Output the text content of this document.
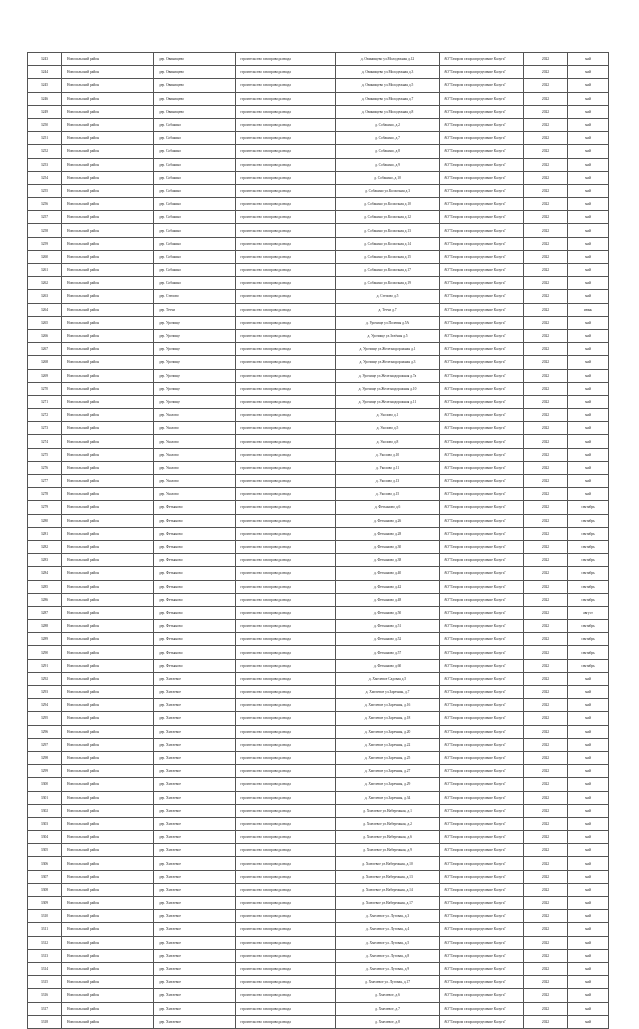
3243	Новосильский район	дер. Овинищево	строительство газопровода ввода	д. Овинищево ул.Молодежная д.12	АО"Газпром газораспределение Калуга"	2022	май
3244	Новосильский район	дер. Овинищево	строительство газопровода ввода	д. Овинищево ул.Молодежная д.3	АО"Газпром газораспределение Калуга"	2022	май
3245	Новосильский район	дер. Овинищево	строительство газопровода ввода	д. Овинищево ул.Молодежная д.5	АО"Газпром газораспределение Калуга"	2022	май
3246	Новосильский район	дер. Овинищево	строительство газопровода ввода	д. Овинищево ул.Молодежная д.7	АО"Газпром газораспределение Калуга"	2022	май
3249	Новосильский район	дер. Овинищево	строительство газопровода ввода	д. Овинищево ул.Молодежная д.8	АО"Газпром газораспределение Калуга"	2022	май
3250	Новосильский район	дер. Собакино	строительство газопровода ввода	д. Собакино, д.2	АО"Газпром газораспределение Калуга"	2022	май
3251	Новосильский район	дер. Собакино	строительство газопровода ввода	д. Собакино, д.7	АО"Газпром газораспределение Калуга"	2022	май
3252	Новосильский район	дер. Собакино	строительство газопровода ввода	д. Собакино, д.8	АО"Газпром газораспределение Калуга"	2022	май
3253	Новосильский район	дер. Собакино	строительство газопровода ввода	д. Собакино, д.9	АО"Газпром газораспределение Калуга"	2022	май
3254	Новосильский район	дер. Собакино	строительство газопровода ввода	д. Собакино, д.10	АО"Газпром газораспределение Калуга"	2022	май
3255	Новосильский район	дер. Собакино	строительство газопровода ввода	д. Собакино ул.Колхозная д.3	АО"Газпром газораспределение Калуга"	2022	май
3256	Новосильский район	дер. Собакино	строительство газопровода ввода	д. Собакино ул.Колхозная д.10	АО"Газпром газораспределение Калуга"	2022	май
3257	Новосильский район	дер. Собакино	строительство газопровода ввода	д. Собакино ул.Колхозная д.12	АО"Газпром газораспределение Калуга"	2022	май
3258	Новосильский район	дер. Собакино	строительство газопровода ввода	д. Собакино ул.Колхозная д.13	АО"Газпром газораспределение Калуга"	2022	май
3259	Новосильский район	дер. Собакино	строительство газопровода ввода	д. Собакино ул.Колхозная д.14	АО"Газпром газораспределение Калуга"	2022	май
3260	Новосильский район	дер. Собакино	строительство газопровода ввода	д. Собакино ул.Колхозная д.15	АО"Газпром газораспределение Калуга"	2022	май
3261	Новосильский район	дер. Собакино	строительство газопровода ввода	д. Собакино ул.Колхозная д.17	АО"Газпром газораспределение Калуга"	2022	май
3262	Новосильский район	дер. Собакино	строительство газопровода ввода	д. Собакино ул.Колхозная д.19	АО"Газпром газораспределение Калуга"	2022	май
3263	Новосильский район	дер. Степово	строительство газопровода ввода	д. Степово д.5	АО"Газпром газораспределение Калуга"	2022	май
3264	Новосильский район	дер. Тетчи	строительство газопровода ввода	д. Тетчи д.7	АО"Газпром газораспределение Калуга"	2022	июнь
3265	Новосильский район	дер. Урочище	строительство газопровода ввода	д. Урочище ул.Полевая д.5А	АО"Газпром газораспределение Калуга"	2022	май
3266	Новосильский район	дер. Урочище	строительство газопровода ввода	д. Урочище ул.Зелёная д.5	АО"Газпром газораспределение Калуга"	2022	май
3267	Новосильский район	дер. Урочище	строительство газопровода ввода	д. Урочище ул.Железнодорожная д.1	АО"Газпром газораспределение Калуга"	2022	май
3268	Новосильский район	дер. Урочище	строительство газопровода ввода	д. Урочище ул.Железнодорожная д.3	АО"Газпром газораспределение Калуга"	2022	май
3269	Новосильский район	дер. Урочище	строительство газопровода ввода	д. Урочище ул.Железнодорожная д.7а	АО"Газпром газораспределение Калуга"	2022	май
3270	Новосильский район	дер. Урочище	строительство газопровода ввода	д. Урочище ул.Железнодорожная д.10	АО"Газпром газораспределение Калуга"	2022	май
3271	Новосильский район	дер. Урочище	строительство газопровода ввода	д. Урочище ул.Железнодорожная д.11	АО"Газпром газораспределение Калуга"	2022	май
3272	Новосильский район	дер. Уколово	строительство газопровода ввода	д. Уколово д.1	АО"Газпром газораспределение Калуга"	2022	май
3273	Новосильский район	дер. Уколово	строительство газопровода ввода	д. Уколово д.5	АО"Газпром газораспределение Калуга"	2022	май
3274	Новосильский район	дер. Уколово	строительство газопровода ввода	д. Уколово д.8	АО"Газпром газораспределение Калуга"	2022	май
3275	Новосильский район	дер. Уколово	строительство газопровода ввода	д. Уколово д.10	АО"Газпром газораспределение Калуга"	2022	май
3276	Новосильский район	дер. Уколово	строительство газопровода ввода	д. Уколово д.11	АО"Газпром газораспределение Калуга"	2022	май
3277	Новосильский район	дер. Уколово	строительство газопровода ввода	д. Уколово д.13	АО"Газпром газораспределение Калуга"	2022	май
3278	Новосильский район	дер. Уколово	строительство газопровода ввода	д. Уколово д.15	АО"Газпром газораспределение Калуга"	2022	май
3279	Новосильский район	дер. Фетьяново	строительство газопровода ввода	д. Фетьяново д.6	АО"Газпром газораспределение Калуга"	2022	сентябрь
3280	Новосильский район	дер. Фетьяново	строительство газопровода ввода	д. Фетьяново д.26	АО"Газпром газораспределение Калуга"	2022	сентябрь
3281	Новосильский район	дер. Фетьяново	строительство газопровода ввода	д. Фетьяново д.28	АО"Газпром газораспределение Калуга"	2022	сентябрь
3282	Новосильский район	дер. Фетьяново	строительство газопровода ввода	д. Фетьяново д.30	АО"Газпром газораспределение Калуга"	2022	сентябрь
3283	Новосильский район	дер. Фетьяново	строительство газопровода ввода	д. Фетьяново д.38	АО"Газпром газораспределение Калуга"	2022	сентябрь
3284	Новосильский район	дер. Фетьяново	строительство газопровода ввода	д. Фетьяново д.40	АО"Газпром газораспределение Калуга"	2022	сентябрь
3285	Новосильский район	дер. Фетьяново	строительство газопровода ввода	д. Фетьяново д.42	АО"Газпром газораспределение Калуга"	2022	сентябрь
3286	Новосильский район	дер. Фетьяново	строительство газопровода ввода	д. Фетьяново д.48	АО"Газпром газораспределение Калуга"	2022	сентябрь
3287	Новосильский район	дер. Фетьяново	строительство газопровода ввода	д. Фетьяново д.50	АО"Газпром газораспределение Калуга"	2022	август
3288	Новосильский район	дер. Фетьяново	строительство газопровода ввода	д. Фетьяново д.51	АО"Газпром газораспределение Калуга"	2022	сентябрь
3289	Новосильский район	дер. Фетьяново	строительство газопровода ввода	д. Фетьяново д.52	АО"Газпром газораспределение Калуга"	2022	сентябрь
3290	Новосильский район	дер. Фетьяново	строительство газопровода ввода	д. Фетьяново д.57	АО"Газпром газораспределение Калуга"	2022	сентябрь
3291	Новосильский район	дер. Фетьяново	строительство газопровода ввода	д. Фетьяново д.60	АО"Газпром газораспределение Калуга"	2022	сентябрь
3292	Новосильский район	дер. Хмелевое	строительство газопровода ввода	д. Хмелевое Садовая д.5	АО"Газпром газораспределение Калуга"	2022	май
3293	Новосильский район	дер. Хмелевое	строительство газопровода ввода	д. Хмелевое ул.Заречная, д.7	АО"Газпром газораспределение Калуга"	2022	май
3294	Новосильский район	дер. Хмелевое	строительство газопровода ввода	д. Хмелевое ул.Заречная, д.16	АО"Газпром газораспределение Калуга"	2022	май
3295	Новосильский район	дер. Хмелевое	строительство газопровода ввода	д. Хмелевое ул.Заречная, д.18	АО"Газпром газораспределение Калуга"	2022	май
3296	Новосильский район	дер. Хмелевое	строительство газопровода ввода	д. Хмелевое ул.Заречная, д.20	АО"Газпром газораспределение Калуга"	2022	май
3297	Новосильский район	дер. Хмелевое	строительство газопровода ввода	д. Хмелевое ул.Заречная, д.22	АО"Газпром газораспределение Калуга"	2022	май
3298	Новосильский район	дер. Хмелевое	строительство газопровода ввода	д. Хмелевое ул.Заречная, д.25	АО"Газпром газораспределение Калуга"	2022	май
3299	Новосильский район	дер. Хмелевое	строительство газопровода ввода	д. Хмелевое ул.Заречная, д.27	АО"Газпром газораспределение Калуга"	2022	май
3300	Новосильский район	дер. Хмелевое	строительство газопровода ввода	д. Хмелевое ул.Заречная, д.29	АО"Газпром газораспределение Калуга"	2022	май
3301	Новосильский район	дер. Хмелевое	строительство газопровода ввода	д. Хмелевое ул.Заречная, д.34	АО"Газпром газораспределение Калуга"	2022	май
3302	Новосильский район	дер. Хмелевое	строительство газопровода ввода	д. Хмелевое ул.Набережная, д.1	АО"Газпром газораспределение Калуга"	2022	май
3303	Новосильский район	дер. Хмелевое	строительство газопровода ввода	д. Хмелевое ул.Набережная, д.2	АО"Газпром газораспределение Калуга"	2022	май
3304	Новосильский район	дер. Хмелевое	строительство газопровода ввода	д. Хмелевое ул.Набережная, д.6	АО"Газпром газораспределение Калуга"	2022	май
3305	Новосильский район	дер. Хмелевое	строительство газопровода ввода	д. Хмелевое ул.Набережная, д.9	АО"Газпром газораспределение Калуга"	2022	май
3306	Новосильский район	дер. Хмелевое	строительство газопровода ввода	д. Хмелевое ул.Набережная, д.10	АО"Газпром газораспределение Калуга"	2022	май
3307	Новосильский район	дер. Хмелевое	строительство газопровода ввода	д. Хмелевое ул.Набережная, д.13	АО"Газпром газораспределение Калуга"	2022	май
3308	Новосильский район	дер. Хмелевое	строительство газопровода ввода	д. Хмелевое ул.Набережная, д.14	АО"Газпром газораспределение Калуга"	2022	май
3309	Новосильский район	дер. Хмелевое	строительство газопровода ввода	д. Хмелевое ул.Набережная, д.17	АО"Газпром газораспределение Калуга"	2022	май
3310	Новосильский район	дер. Хмелевое	строительство газопровода ввода	д. Хмелевое ул. Луговая, д.3	АО"Газпром газораспределение Калуга"	2022	май
3311	Новосильский район	дер. Хмелевое	строительство газопровода ввода	д. Хмелевое ул. Луговая, д.4	АО"Газпром газораспределение Калуга"	2022	май
3312	Новосильский район	дер. Хмелевое	строительство газопровода ввода	д. Хмелевое ул. Луговая, д.5	АО"Газпром газораспределение Калуга"	2022	май
3313	Новосильский район	дер. Хмелевое	строительство газопровода ввода	д. Хмелевое ул. Луговая, д.8	АО"Газпром газораспределение Калуга"	2022	май
3314	Новосильский район	дер. Хмелевое	строительство газопровода ввода	д. Хмелевое ул. Луговая, д.9	АО"Газпром газораспределение Калуга"	2022	май
3315	Новосильский район	дер. Хмелевое	строительство газопровода ввода	д. Хмелевое ул. Луговая, д.17	АО"Газпром газораспределение Калуга"	2022	май
3316	Новосильский район	дер. Хмелевое	строительство газопровода ввода	д. Хмелевое, д.6	АО"Газпром газораспределение Калуга"	2022	май
3317	Новосильский район	дер. Хмелевое	строительство газопровода ввода	д. Хмелевое, д.7	АО"Газпром газораспределение Калуга"	2022	май
3318	Новосильский район	дер. Хмелевое	строительство газопровода ввода	д. Хмелевое, д.8	АО"Газпром газораспределение Калуга"	2022	май
